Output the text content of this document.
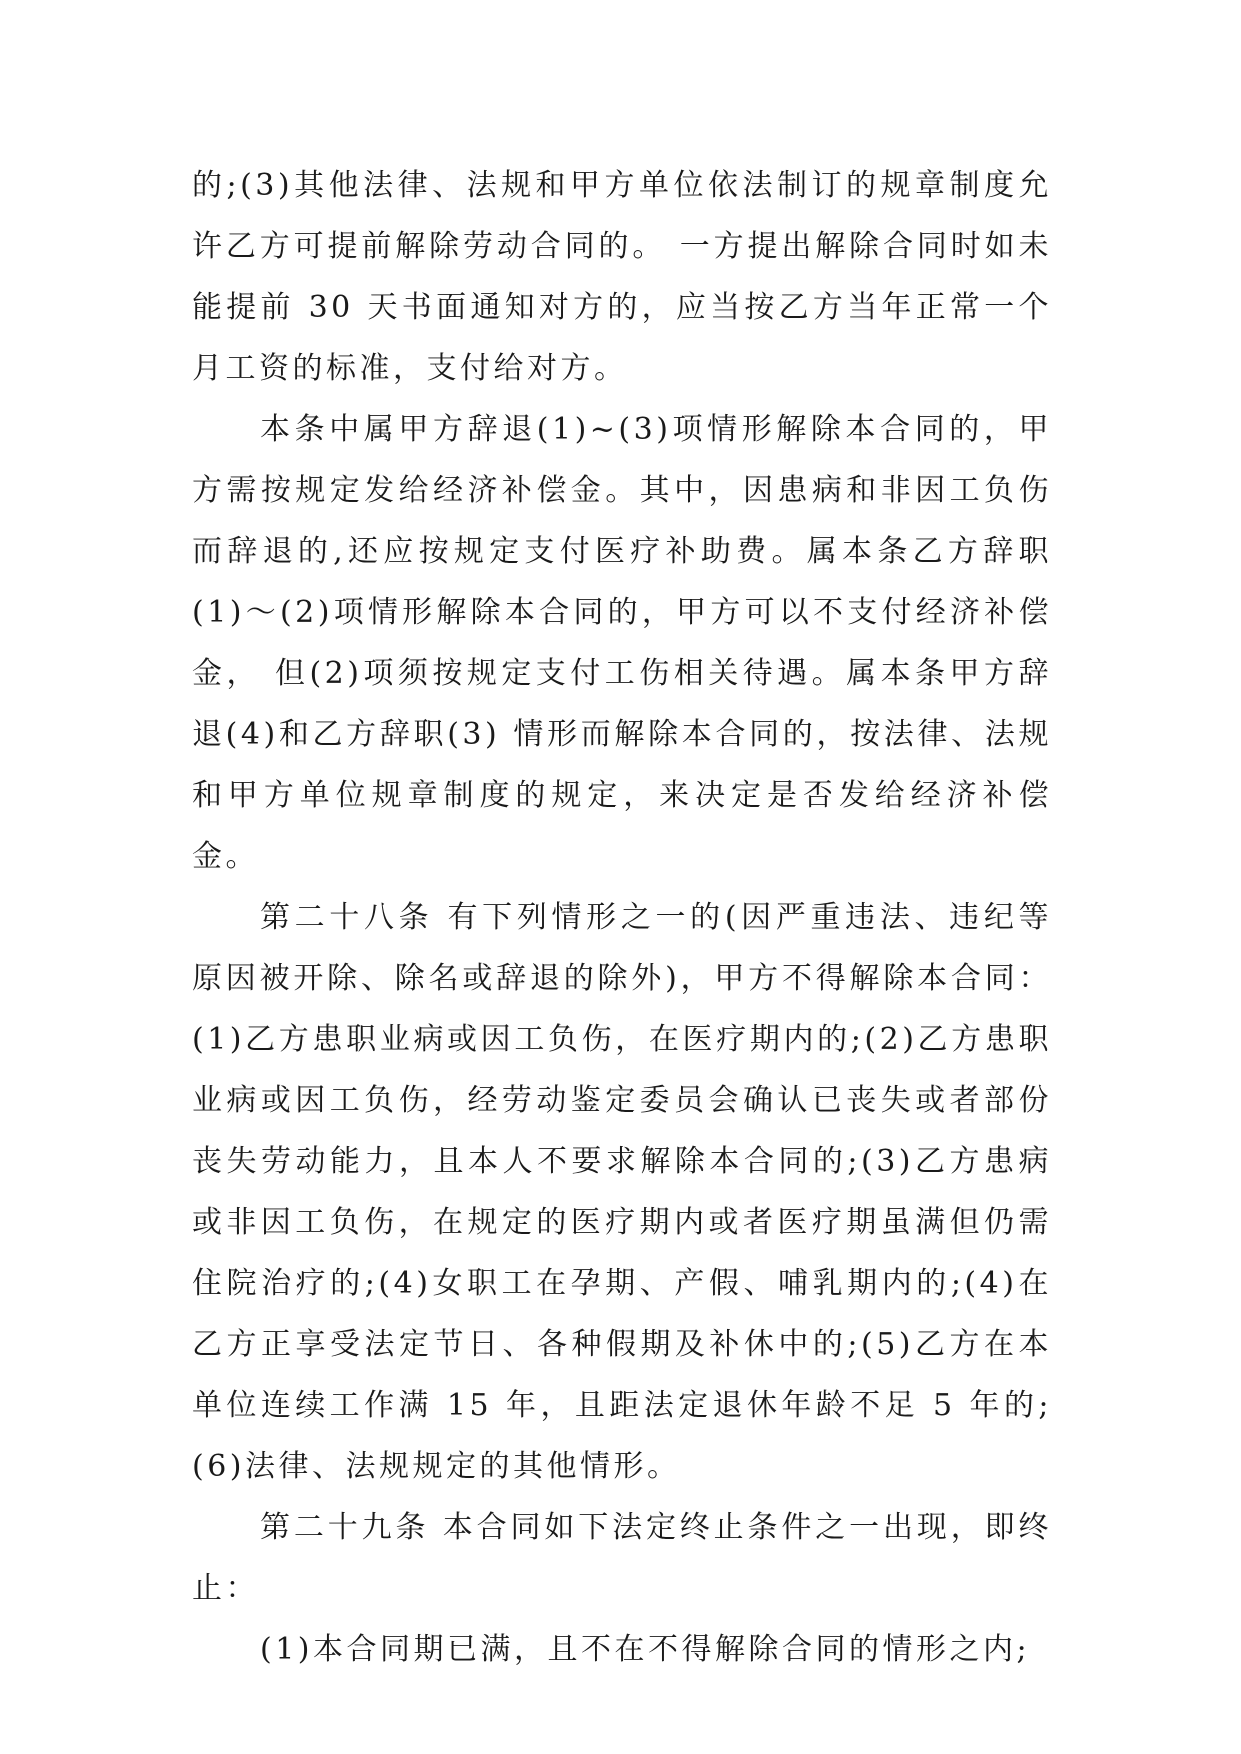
的;(3)其他法律、法规和甲方单位依法制订的规章制度允许乙方可提前解除劳动合同的。 一方提出解除合同时如未能提前 30 天书面通知对方的，应当按乙方当年正常一个月工资的标准，支付给对方。

本条中属甲方辞退(1)~(3)项情形解除本合同的，甲方需按规定发给经济补偿金。其中，因患病和非因工负伤而辞退的,还应按规定支付医疗补助费。属本条乙方辞职(1)～(2)项情形解除本合同的，甲方可以不支付经济补偿金， 但(2)项须按规定支付工伤相关待遇。属本条甲方辞退(4)和乙方辞职(3) 情形而解除本合同的，按法律、法规和甲方单位规章制度的规定，来决定是否发给经济补偿金。

第二十八条 有下列情形之一的(因严重违法、违纪等原因被开除、除名或辞退的除外)，甲方不得解除本合同：(1)乙方患职业病或因工负伤，在医疗期内的;(2)乙方患职业病或因工负伤，经劳动鉴定委员会确认已丧失或者部份丧失劳动能力，且本人不要求解除本合同的;(3)乙方患病或非因工负伤，在规定的医疗期内或者医疗期虽满但仍需住院治疗的;(4)女职工在孕期、产假、哺乳期内的;(4)在乙方正享受法定节日、各种假期及补休中的;(5)乙方在本单位连续工作满 15 年，且距法定退休年龄不足 5 年的;(6)法律、法规规定的其他情形。

第二十九条 本合同如下法定终止条件之一出现，即终止：

(1)本合同期已满，且不在不得解除合同的情形之内;
